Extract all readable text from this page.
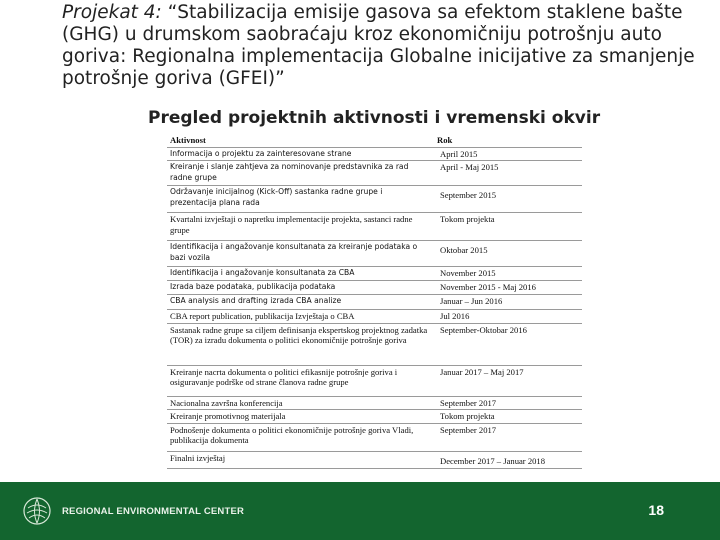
Projekat 4: “Stabilizacija emisije gasova sa efektom staklene bašte (GHG) u drumskom saobraćaju kroz ekonomičniju potrošnju auto goriva: Regionalna implementacija Globalne inicijative za smanjenje potrošnje goriva (GFEI)”
Pregled projektnih aktivnosti i vremenski okvir
Aktivnost	Rok
Informacija o projektu za zainteresovane strane	April 2015
Kreiranje i slanje zahtjeva za nominovanje predstavnika za rad radne grupe	April - Maj 2015
Održavanje inicijalnog (Kick-Off) sastanka radne grupe i prezentacija plana rada	September 2015
Kvartalni izvještaji o napretku implementacije projekta, sastanci radne grupe	Tokom projekta
Identifikacija i angažovanje konsultanata za kreiranje podataka o bazi vozila	Oktobar 2015
Identifikacija i angažovanje konsultanata za CBA	November 2015
Izrada baze podataka, publikacija podataka	November 2015 - Maj 2016
CBA analysis and drafting izrada CBA analize	Januar – Jun 2016
CBA report publication, publikacija Izvještaja o CBA	Jul 2016
Sastanak radne grupe sa ciljem definisanja ekspertskog projektnog zadatka (TOR) za izradu dokumenta o politici ekonomičnije potrošnje goriva	September-Oktobar 2016
Kreiranje nacrta dokumenta o politici efikasnije potrošnje goriva i osiguravanje podrške od strane članova radne grupe	Januar 2017 – Maj 2017
Nacionalna završna konferencija	September 2017
Kreiranje promotivnog materijala	Tokom projekta
Podnošenje dokumenta o politici ekonomičnije potrošnje goriva Vladi, publikacija dokumenta	September 2017
Finalni izvještaj	December 2017 – Januar 2018
REGIONAL ENVIRONMENTAL CENTER	18
